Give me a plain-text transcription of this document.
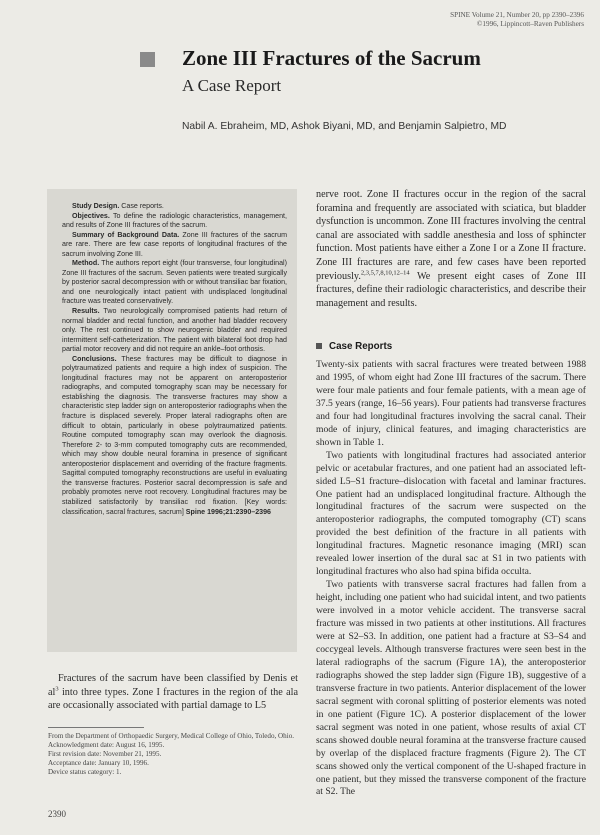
SPINE Volume 21, Number 20, pp 2390–2396
©1996, Lippincott–Raven Publishers
Zone III Fractures of the Sacrum
A Case Report
Nabil A. Ebraheim, MD, Ashok Biyani, MD, and Benjamin Salpietro, MD

Study Design. Case reports.

Objectives. To define the radiologic characteristics, management, and results of Zone III fractures of the sacrum.

Summary of Background Data. Zone III fractures of the sacrum are rare. There are few case reports of longitudinal fractures of the sacrum involving Zone III.

Method. The authors report eight (four transverse, four longitudinal) Zone III fractures of the sacrum. Seven patients were treated surgically by posterior sacral decompression with or without transiliac bar fixation, and one neurologically intact patient with undisplaced longitudinal fracture was treated conservatively.

Results. Two neurologically compromised patients had return of normal bladder and rectal function, and another had bladder recovery only. The rest continued to show neurogenic bladder and required intermittent self-catheterization. The patient with bilateral foot drop had partial motor recovery and did not require an ankle–foot orthosis.

Conclusions. These fractures may be difficult to diagnose in polytraumatized patients and require a high index of suspicion. The longitudinal fractures may not be apparent on anteroposterior radiographs, and computed tomography scan may be necessary for establishing the diagnosis. The transverse fractures may show a characteristic step ladder sign on anteroposterior radiographs when the fracture is displaced severely. Proper lateral radiographs often are difficult to obtain, particularly in obese polytraumatized patients. Routine computed tomography scan may overlook the diagnosis. Therefore 2- to 3-mm computed tomography cuts are recommended, which may show double neural foramina in presence of significant anteroposterior displacement and overriding of the fracture fragments. Sagittal computed tomography reconstructions are useful in evaluating the transverse fractures. Posterior sacral decompression is safe and probably promotes nerve root recovery. Longitudinal fractures may be stabilized satisfactorily by transiliac rod fixation. [Key words: classification, sacral fractures, sacrum] Spine 1996;21:2390–2396

Fractures of the sacrum have been classified by Denis et $al^3$ into three types. Zone I fractures in the region of the ala are occasionally associated with partial damage to L5

From the Department of Orthopaedic Surgery, Medical College of Ohio, Toledo, Ohio.

Acknowledgment date: August 16, 1995.

First revision date: November 21, 1995.

Acceptance date: January 10, 1996.

Device status category: 1.

2390

nerve root. Zone II fractures occur in the region of the sacral foramina and frequently are associated with sciatica, but bladder dysfunction is uncommon. Zone III fractures involving the central canal are associated with saddle anesthesia and loss of sphincter function. Most patients have either a Zone I or a Zone II fracture. Zone III fractures are rare, and few cases have been reported previously.$^{2,3,5,7,8,10,12-14}$ We present eight cases of Zone III fractures, define their radiologic characteristics, and describe their management and results.

Case Reports

Twenty-six patients with sacral fractures were treated between 1988 and 1995, of whom eight had Zone III fractures of the sacrum. There were four male patients and four female patients, with a mean age of 37.5 years (range, 16–56 years). Four patients had transverse fractures and four had longitudinal fractures involving the sacral canal. Their mode of injury, clinical features, and imaging characteristics are shown in Table 1.

Two patients with longitudinal fractures had associated anterior pelvic or acetabular fractures, and one patient had an associated left-sided L5–S1 fracture–dislocation with facetal and laminar fractures. One patient had an undisplaced longitudinal fracture. Although the longitudinal fractures of the sacrum were suspected on the anteroposterior radiographs, the computed tomography (CT) scans provided the best definition of the fracture in all patients with longitudinal fractures. Magnetic resonance imaging (MRI) scan revealed lower insertion of the dural sac at S1 in two patients with longitudinal fractures who also had spina bifida occulta.

Two patients with transverse sacral fractures had fallen from a height, including one patient who had suicidal intent, and two patients were involved in a motor vehicle accident. The transverse sacral fracture was missed in two patients at other institutions. All fractures were at S2–S3. In addition, one patient had a fracture at S3–S4 and coccygeal levels. Although transverse fractures were seen best in the lateral radiographs of the sacrum (Figure 1A), the anteroposterior radiographs showed the step ladder sign (Figure 1B), suggestive of a transverse fracture in two patients. Anterior displacement of the lower sacral segment with coronal splitting of posterior elements was noted in one patient (Figure 1C). A posterior displacement of the lower sacral segment was noted in one patient, whose results of axial CT scans showed double neural foramina at the transverse fracture caused by overlap of the displaced fracture fragments (Figure 2). The CT scans showed only the vertical component of the U-shaped fracture in one patient, but they missed the transverse component of the fracture at S2. The
